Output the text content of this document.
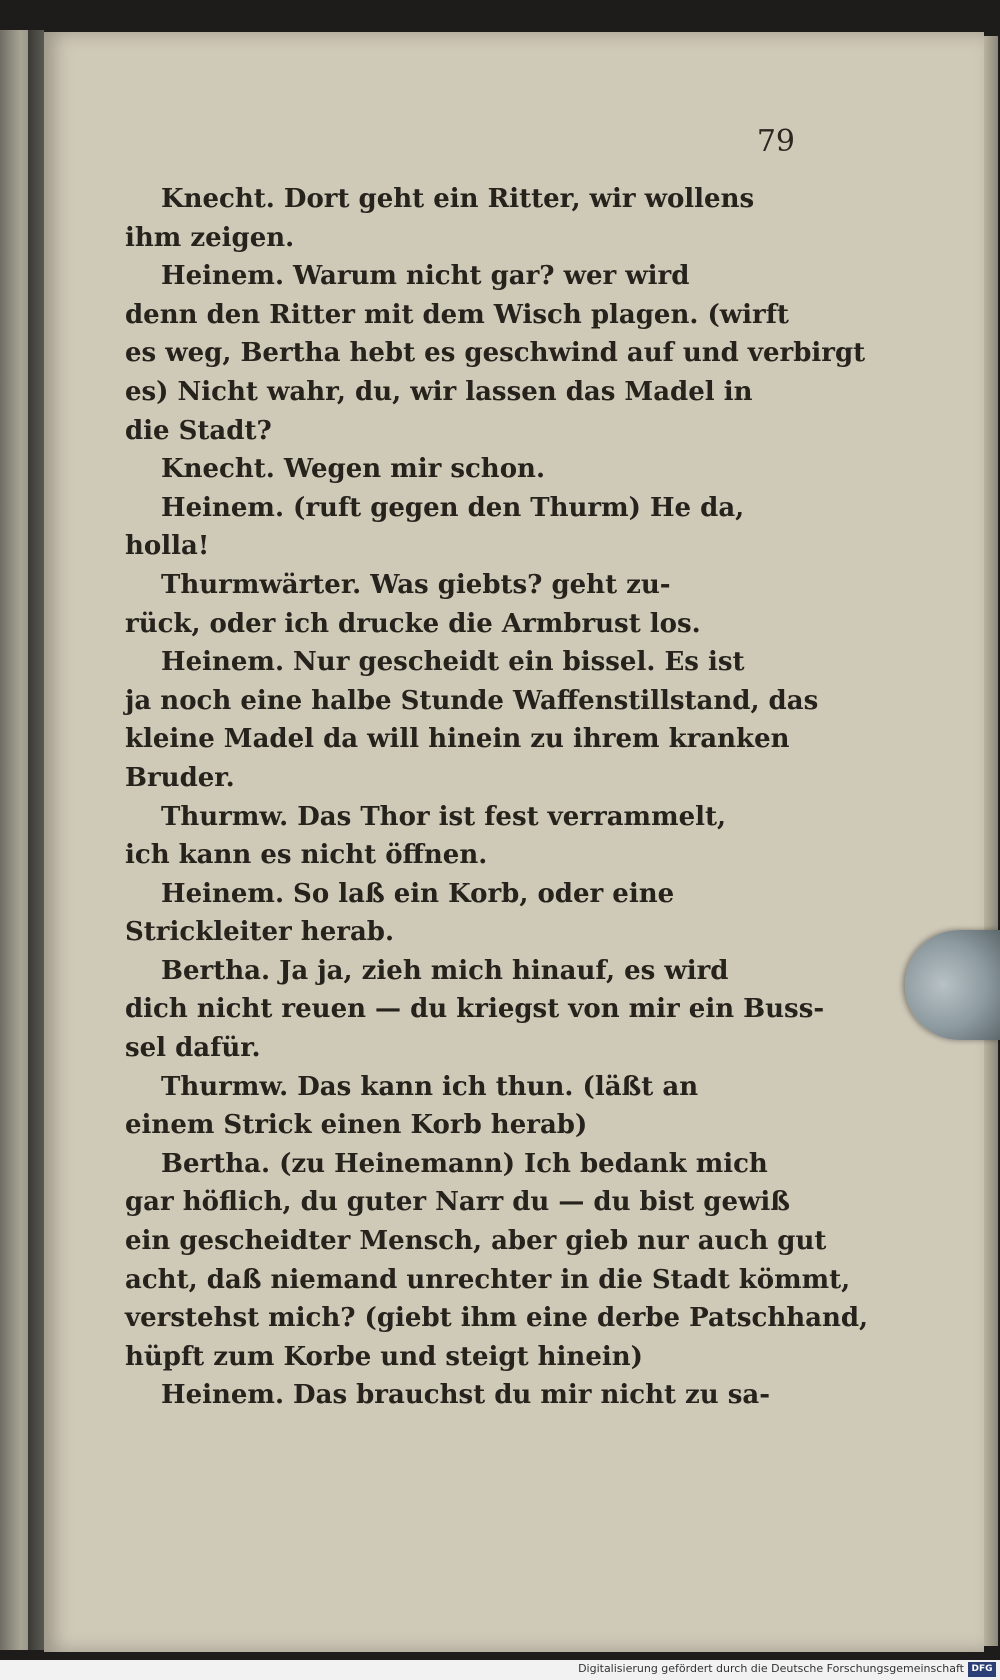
79
Knecht. Dort geht ein Ritter, wir wollens
ihm zeigen.
Heinem. Warum nicht gar? wer wird
denn den Ritter mit dem Wisch plagen. (wirft
es weg, Bertha hebt es geschwind auf und verbirgt
es) Nicht wahr, du, wir lassen das Madel in
die Stadt?
Knecht. Wegen mir schon.
Heinem. (ruft gegen den Thurm) He da,
holla!
Thurmwärter. Was giebts? geht zu-
rück, oder ich drucke die Armbrust los.
Heinem. Nur gescheidt ein bissel. Es ist
ja noch eine halbe Stunde Waffenstillstand, das
kleine Madel da will hinein zu ihrem kranken
Bruder.
Thurmw. Das Thor ist fest verrammelt,
ich kann es nicht öffnen.
Heinem. So laß ein Korb, oder eine
Strickleiter herab.
Bertha. Ja ja, zieh mich hinauf, es wird
dich nicht reuen — du kriegst von mir ein Buss-
sel dafür.
Thurmw. Das kann ich thun. (läßt an
einem Strick einen Korb herab)
Bertha. (zu Heinemann) Ich bedank mich
gar höflich, du guter Narr du — du bist gewiß
ein gescheidter Mensch, aber gieb nur auch gut
acht, daß niemand unrechter in die Stadt kömmt,
verstehst mich? (giebt ihm eine derbe Patschhand,
hüpft zum Korbe und steigt hinein)
Heinem. Das brauchst du mir nicht zu sa-
Digitalisierung gefördert durch die Deutsche Forschungsgemeinschaft DFG
